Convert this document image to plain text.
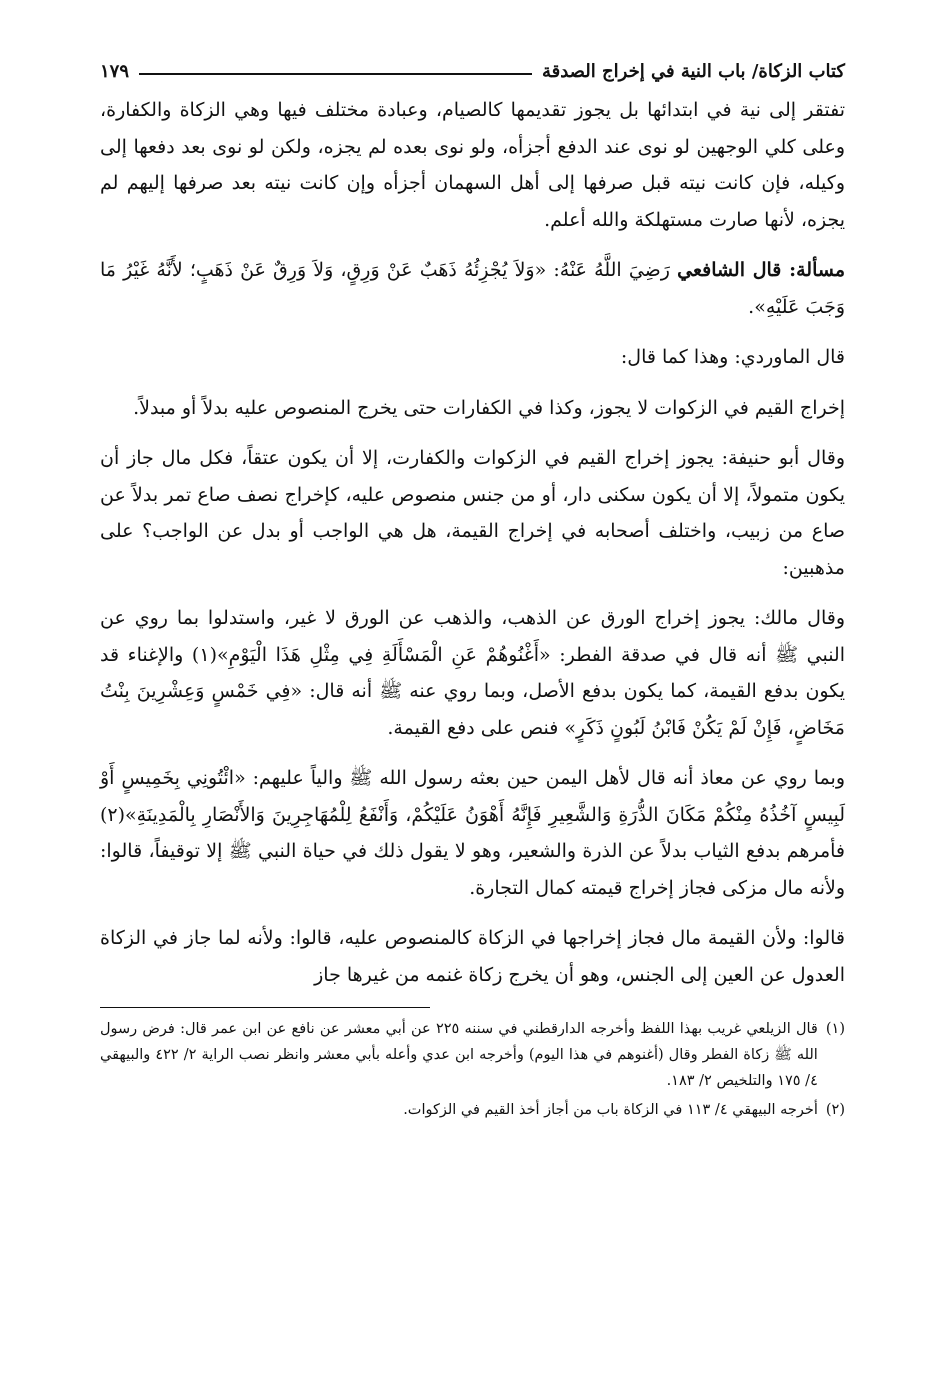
كتاب الزكاة/ باب النية في إخراج الصدقة
١٧٩

تفتقر إلى نية في ابتدائها بل يجوز تقديمها كالصيام، وعبادة مختلف فيها وهي الزكاة والكفارة، وعلى كلي الوجهين لو نوى عند الدفع أجزأه، ولو نوى بعده لم يجزه، ولكن لو نوى بعد دفعها إلى وكيله، فإن كانت نيته قبل صرفها إلى أهل السهمان أجزأه وإن كانت نيته بعد صرفها إليهم لم يجزه، لأنها صارت مستهلكة والله أعلم.

مسألة: قال الشافعي رَضِيَ اللَّهُ عَنْهُ: «وَلاَ يُجْزِئُهُ ذَهَبٌ عَنْ وَرِقٍ، وَلاَ وَرِقٌ عَنْ ذَهَبٍ؛ لأَنَّهُ غَيْرُ مَا وَجَبَ عَلَيْهِ».

قال الماوردي: وهذا كما قال:

إخراج القيم في الزكوات لا يجوز، وكذا في الكفارات حتى يخرج المنصوص عليه بدلاً أو مبدلاً.

وقال أبو حنيفة: يجوز إخراج القيم في الزكوات والكفارت، إلا أن يكون عتقاً، فكل مال جاز أن يكون متمولاً، إلا أن يكون سكنى دار، أو من جنس منصوص عليه، كإخراج نصف صاع تمر بدلاً عن صاع من زبيب، واختلف أصحابه في إخراج القيمة، هل هي الواجب أو بدل عن الواجب؟ على مذهبين:

وقال مالك: يجوز إخراج الورق عن الذهب، والذهب عن الورق لا غير، واستدلوا بما روي عن النبي ﷺ أنه قال في صدقة الفطر: «أَغْنُوهُمْ عَنِ الْمَسْأَلَةِ فِي مِثْلِ هَذَا الْيَوْمِ»(١) والإغناء قد يكون بدفع القيمة، كما يكون بدفع الأصل، وبما روي عنه ﷺ أنه قال: «فِي خَمْسٍ وَعِشْرِينَ بِنْتُ مَخَاضٍ، فَإِنْ لَمْ يَكُنْ فَابْنُ لَبُونٍ ذَكَرٍ» فنص على دفع القيمة.

وبما روي عن معاذ أنه قال لأهل اليمن حين بعثه رسول الله ﷺ والياً عليهم: «ائْتُونِي بِخَمِيسٍ أَوْ لَبِيسٍ آخُذُهُ مِنْكُمْ مَكَانَ الذُّرَةِ وَالشَّعِيرِ فَإِنَّهُ أَهْوَنُ عَلَيْكُمْ، وَأَنْفَعُ لِلْمُهَاجِرِينَ وَالأَنْصَارِ بِالْمَدِينَةِ»(٢) فأمرهم بدفع الثياب بدلاً عن الذرة والشعير، وهو لا يقول ذلك في حياة النبي ﷺ إلا توقيفاً، قالوا: ولأنه مال مزكى فجاز إخراج قيمته كمال التجارة.

قالوا: ولأن القيمة مال فجاز إخراجها في الزكاة كالمنصوص عليه، قالوا: ولأنه لما جاز في الزكاة العدول عن العين إلى الجنس، وهو أن يخرج زكاة غنمه من غيرها جاز

(١)
قال الزيلعي غريب بهذا اللفظ وأخرجه الدارقطني في سننه ٢٢٥ عن أبي معشر عن نافع عن ابن عمر قال: فرض رسول الله ﷺ زكاة الفطر وقال (أغنوهم في هذا اليوم) وأخرجه ابن عدي وأعله بأبي معشر وانظر نصب الراية ٢/ ٤٢٢ والبيهقي ٤/ ١٧٥ والتلخيص ٢/ ١٨٣.
(٢)
أخرجه البيهقي ٤/ ١١٣ في الزكاة باب من أجاز أخذ القيم في الزكوات.
